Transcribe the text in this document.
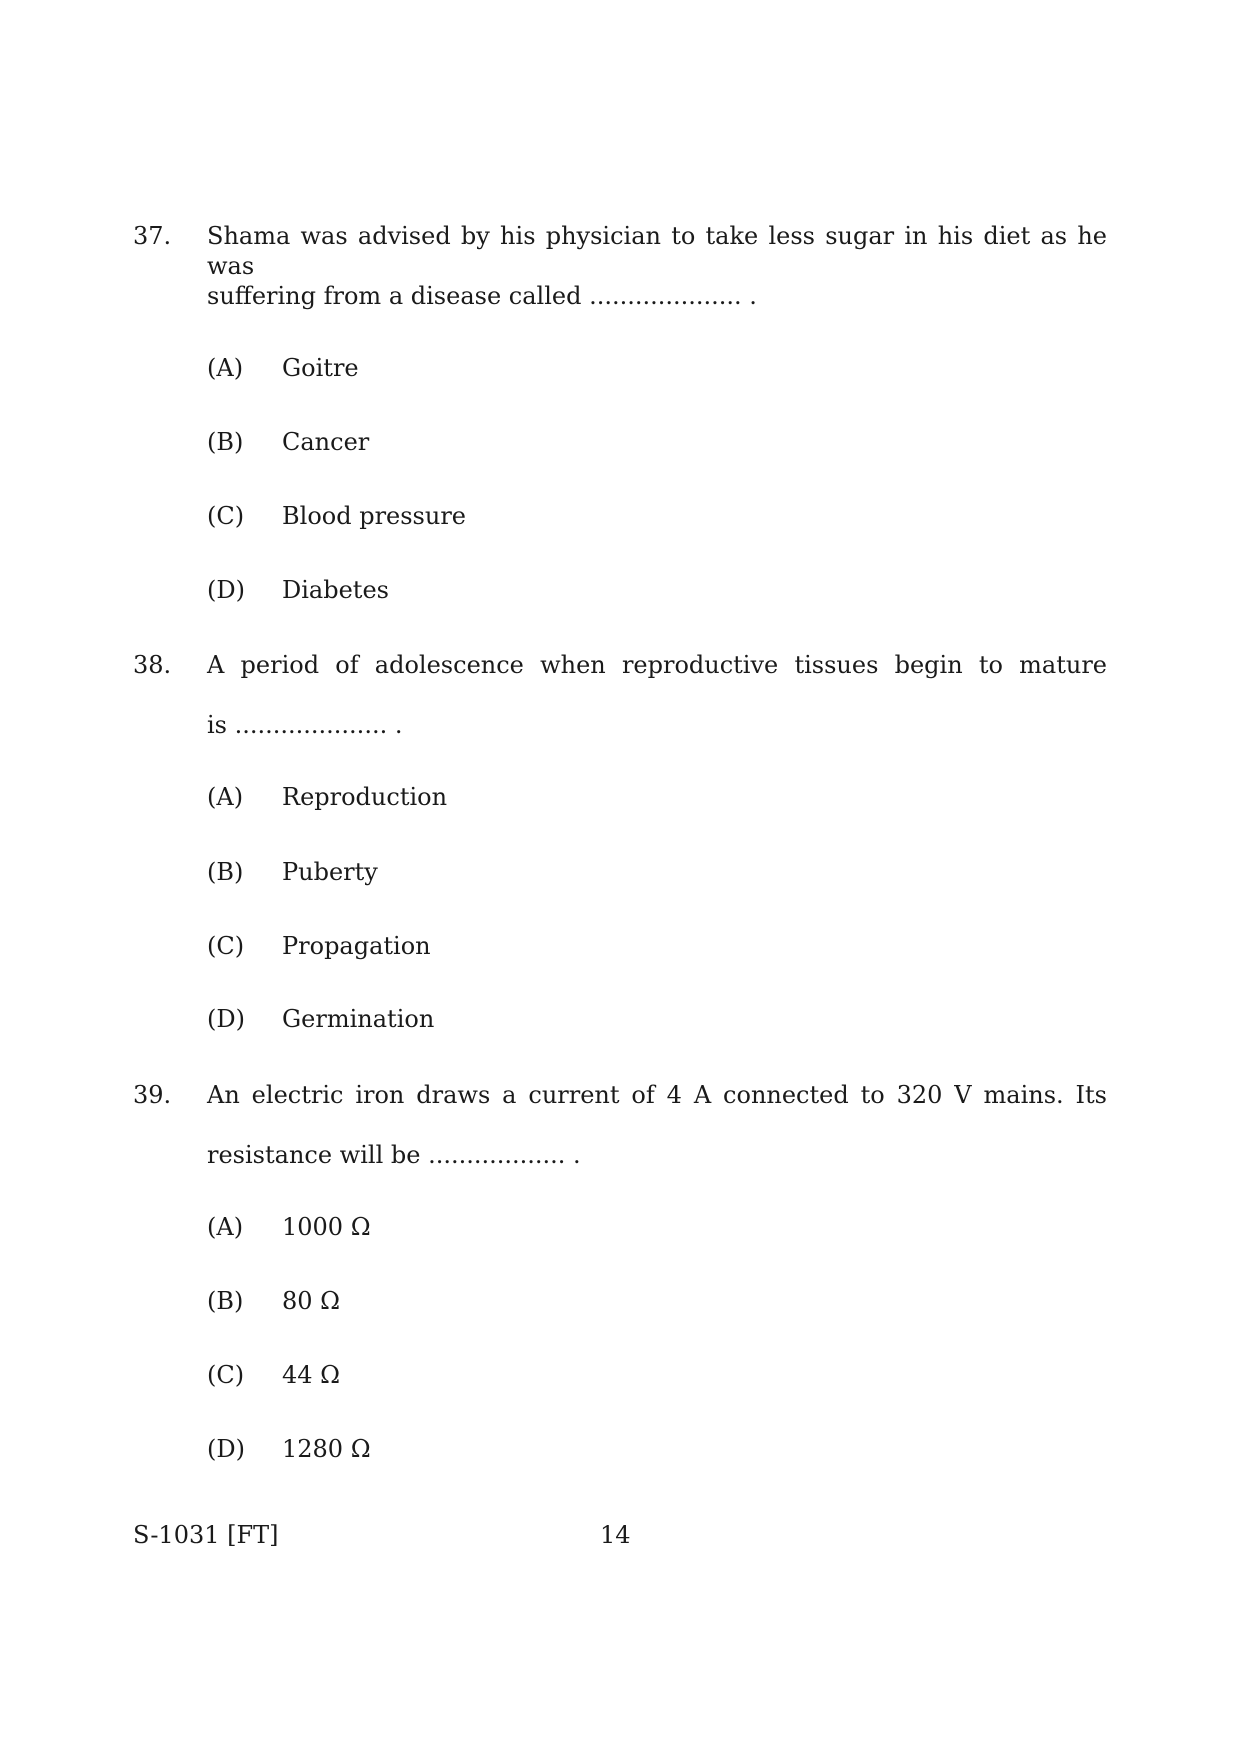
37. Shama was advised by his physician to take less sugar in his diet as he was
suffering from a disease called .................... .
(A) Goitre
(B) Cancer
(C) Blood pressure
(D) Diabetes
38. A period of adolescence when reproductive tissues begin to mature
is .................... .
(A) Reproduction
(B) Puberty
(C) Propagation
(D) Germination
39. An electric iron draws a current of 4 A connected to 320 V mains. Its
resistance will be .................. .
(A) 1000 Ω
(B) 80 Ω
(C) 44 Ω
(D) 1280 Ω
S-1031 [FT]	14
